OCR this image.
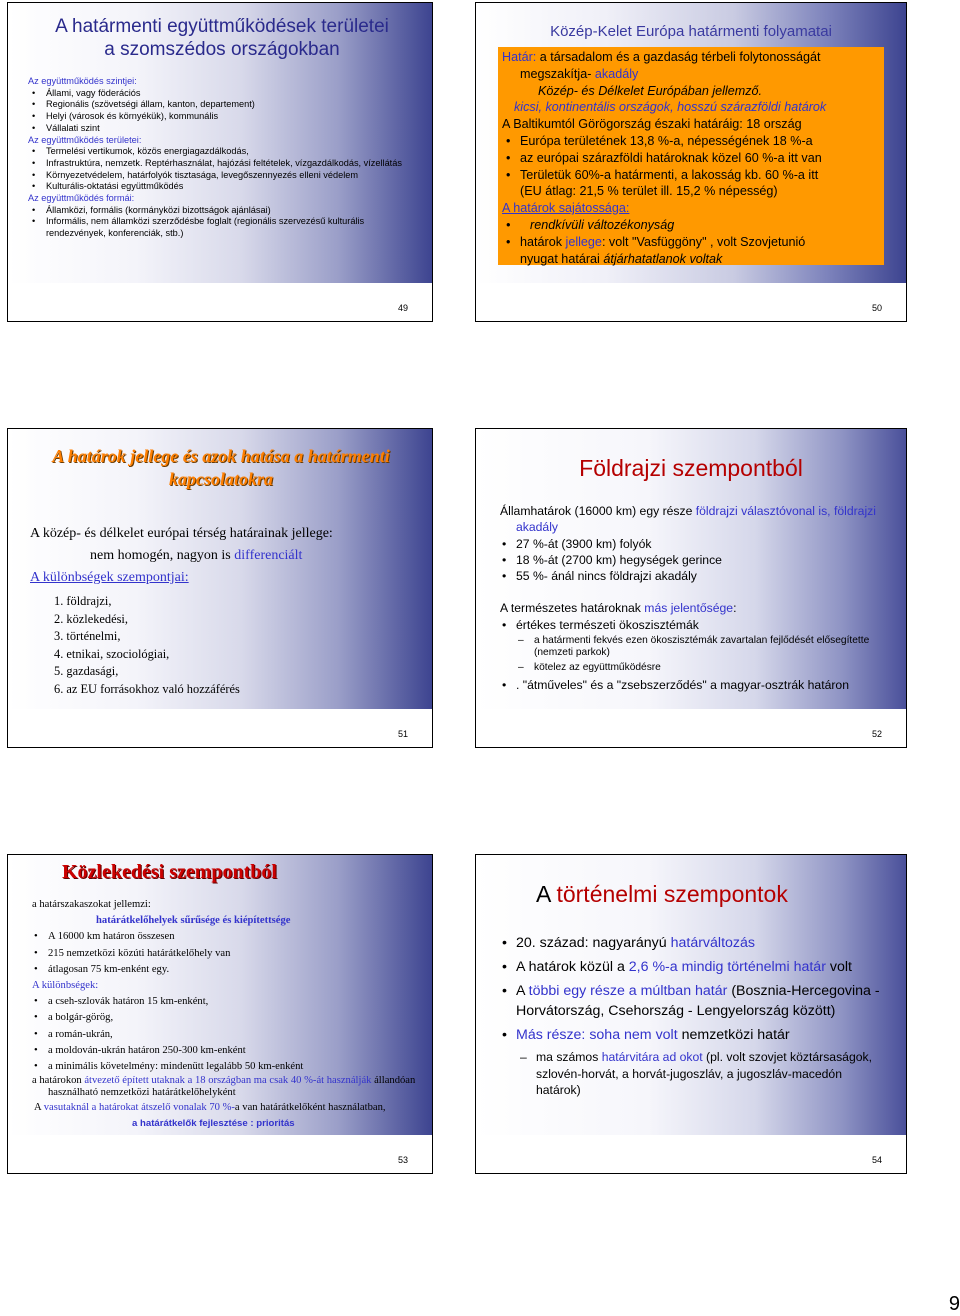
A határmenti együttműködések területei a szomszédos országokban
Az együttműködés szintjei:
• Állami, vagy föderációs
• Regionális (szövetségi állam, kanton, departement)
• Helyi (városok és környékük), kommunális
• Vállalati szint
Az együttműködés területei:
• Termelési vertikumok, közös energiagazdálkodás,
• Infrastruktúra, nemzetk. Reptérhasználat, hajózási feltételek, vízgazdálkodás, vízellátás
• Környezetvédelem, határfolyók tisztasága, levegőszennyezés elleni védelem
• Kulturális-oktatási együttműködés
Az együttműködés formái:
• Államközi, formális (kormányközi bizottságok ajánlásai)
• Informális, nem államközi szerződésbe foglalt (regionális szervezésű kulturális rendezvények, konferenciák, stb.)
49
Közép-Kelet Európa határmenti folyamatai
Határ: a társadalom és a gazdaság térbeli folytonosságát megszakítja- akadály
Közép- és Délkelet Európában jellemző.
kicsi, kontinentális országok, hosszú szárazföldi határok
A Baltikumtól Görögország északi határáig: 18 ország
• Európa területének 13,8 %-a, népességének 18 %-a
• az európai szárazföldi határoknak közel 60 %-a itt van
• Területük 60%-a határmenti, a lakosság kb. 60 %-a itt
(EU átlag: 21,5 % terület ill. 15,2 % népesség)
A határok sajátossága:
• rendkívüli változékonyság
• határok jellege: volt "Vasfüggöny" , volt Szovjetunió
nyugat határai átjárhatatlanok voltak
50
A határok jellege és azok hatása a határmenti kapcsolatokra
A közép- és délkelet európai térség határainak jellege:
nem homogén, nagyon is differenciált
A különbségek szempontjai:
1. földrajzi,
2. közlekedési,
3. történelmi,
4. etnikai, szociológiai,
5. gazdasági,
6. az EU forrásokhoz való hozzáférés
51
Földrajzi szempontból
Államhatárok (16000 km) egy része földrajzi választóvonal is, földrajzi akadály
• 27 %-át (3900 km) folyók
• 18 %-át (2700 km) hegységek gerince
• 55 %- ánál nincs földrajzi akadály
A természetes határoknak más jelentősége:
• értékes természeti ökoszisztémák
– a határmenti fekvés ezen ökoszisztémák zavartalan fejlődését elősegítette (nemzeti parkok)
– kötelez az együttműködésre
• . "átműveles" és a "zsebszerződés" a magyar-osztrák határon
52
Közlekedési szempontból
a határszakaszokat jellemzi:
határátkelőhelyek sűrűsége és kiépítettsége
• A 16000 km határon összesen
• 215 nemzetközi közúti határátkelőhely van
• átlagosan 75 km-enként egy.
A különbségek:
• a cseh-szlovák határon 15 km-enként,
• a bolgár-görög,
• a román-ukrán,
• a moldován-ukrán határon 250-300 km-enként
• a minimális követelmény: mindenütt legalább 50 km-enként
a határokon átvezető épített utaknak a 18 országban ma csak 40 %-át használják állandóan használható nemzetközi határátkelőhelyként
A vasutaknál a határokat átszelő vonalak 70 %-a van határátkelőként használatban,
a határátkelők fejlesztése : prioritás
53
A történelmi szempontok
• 20. század: nagyarányú határváltozás
• A határok közül a 2,6 %-a mindig történelmi határ volt
• A többi egy része a múltban határ (Bosznia-Hercegovina - Horvátország, Csehország - Lengyelország között)
• Más része: soha nem volt nemzetközi határ
– ma számos határvitára ad okot (pl. volt szovjet köztársaságok, szlovén-horvát, a horvát-jugoszláv, a jugoszláv-macedón határok)
54
9
